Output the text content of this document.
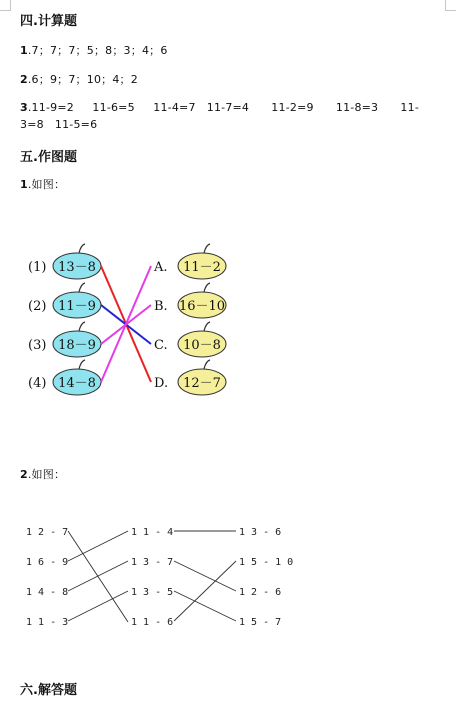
四.计算题
1.7；7；7；5；8；3；4；6
2.6；9；7；10；4；2
3.11-9=2     11-6=5     11-4=7   11-7=4      11-2=9      11-8=3      11-
3=8   11-5=6
五.作图题
1.如图：
(1) 13－8
(2) 11－9
(3) 18－9
(4) 14－8
A. 11－2
B. 16－10
C. 10－8
D. 12－7
2.如图：
1 2 - 7
1 6 - 9
1 4 - 8
1 1 - 3
1 1 - 4
1 3 - 7
1 3 - 5
1 1 - 6
1 3 - 6
1 5 - 1 0
1 2 - 6
1 5 - 7
六.解答题
